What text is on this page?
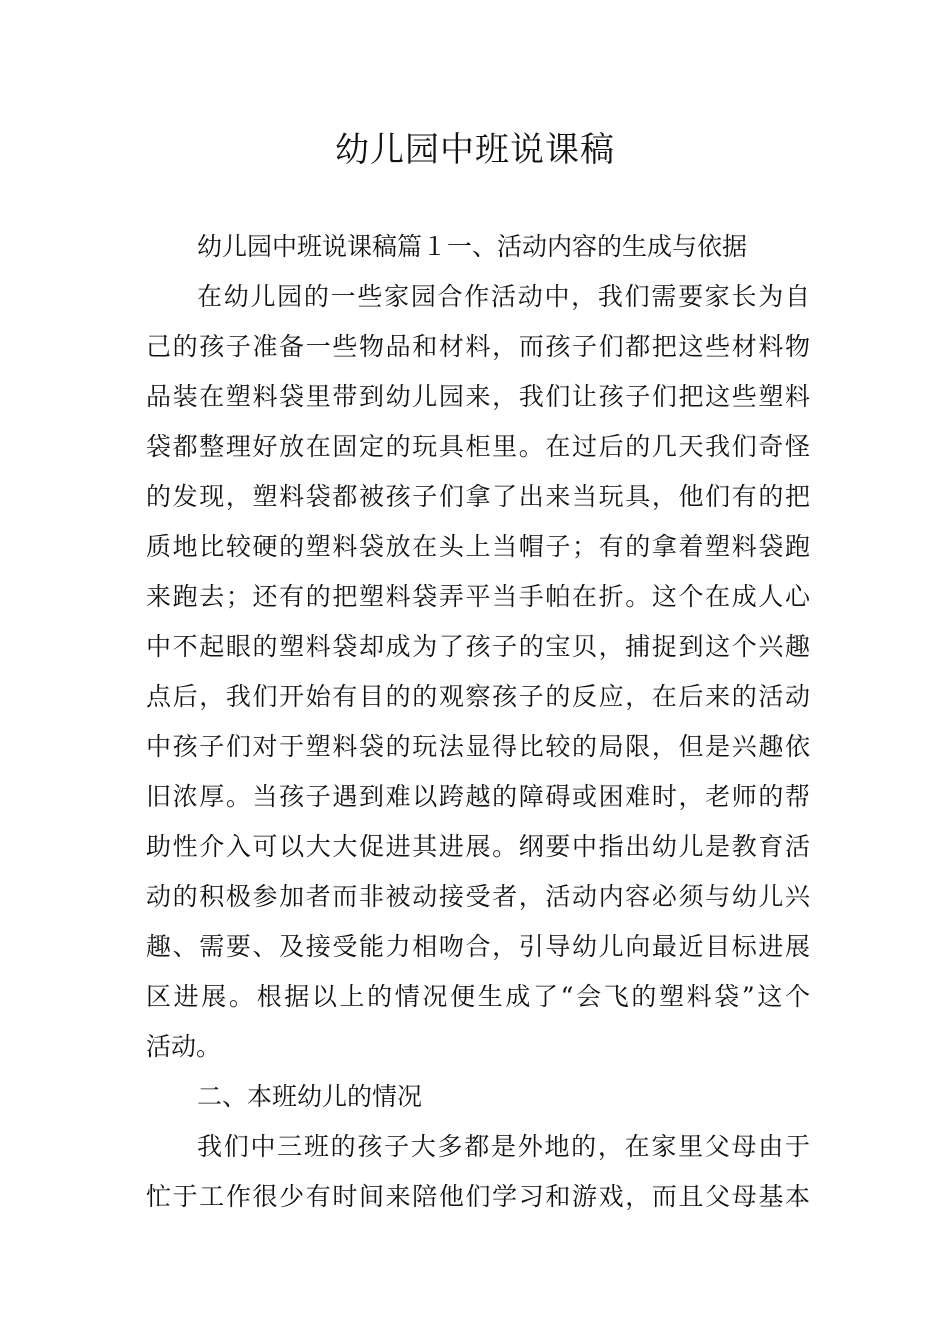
幼儿园中班说课稿
幼儿园中班说课稿篇１一、活动内容的生成与依据
在幼儿园的一些家园合作活动中，我们需要家长为自
己的孩子准备一些物品和材料，而孩子们都把这些材料物
品装在塑料袋里带到幼儿园来，我们让孩子们把这些塑料
袋都整理好放在固定的玩具柜里。在过后的几天我们奇怪
的发现，塑料袋都被孩子们拿了出来当玩具，他们有的把
质地比较硬的塑料袋放在头上当帽子；有的拿着塑料袋跑
来跑去；还有的把塑料袋弄平当手帕在折。这个在成人心
中不起眼的塑料袋却成为了孩子的宝贝，捕捉到这个兴趣
点后，我们开始有目的的观察孩子的反应，在后来的活动
中孩子们对于塑料袋的玩法显得比较的局限，但是兴趣依
旧浓厚。当孩子遇到难以跨越的障碍或困难时，老师的帮
助性介入可以大大促进其进展。纲要中指出幼儿是教育活
动的积极参加者而非被动接受者，活动内容必须与幼儿兴
趣、需要、及接受能力相吻合，引导幼儿向最近目标进展
区进展。根据以上的情况便生成了“会飞的塑料袋”这个
活动。
二、本班幼儿的情况
我们中三班的孩子大多都是外地的，在家里父母由于
忙于工作很少有时间来陪他们学习和游戏，而且父母基本
